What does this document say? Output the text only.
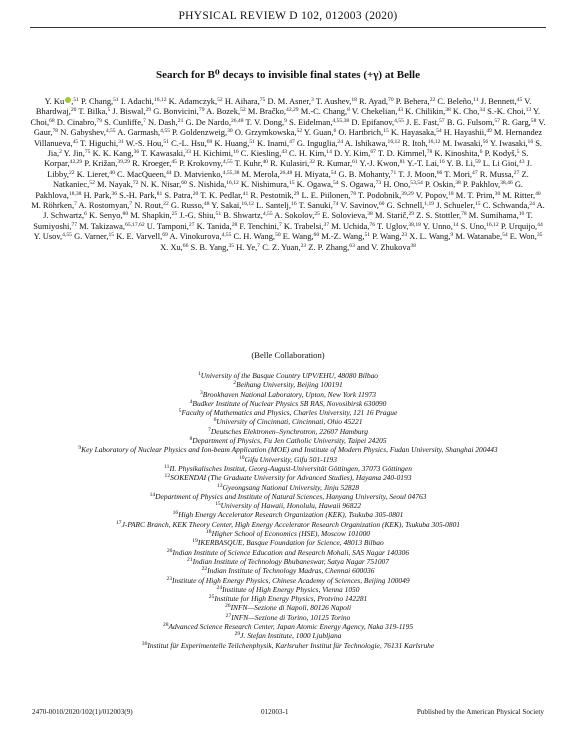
PHYSICAL REVIEW D 102, 012003 (2020)
Search for B⁰ decays to invisible final states (+γ) at Belle
Y. Ku ,$^{51}$ P. Chang,$^{51}$ I. Adachi,$^{16,12}$ K. Adamczyk,$^{52}$ H. Aihara,$^{75}$ D. M. Asner,$^3$ T. Aushev,$^{18}$ R. Ayad,$^{70}$ P. Behera,$^{22}$ C. Beleño,$^{11}$ J. Bennett,$^{45}$ V. Bhardwaj,$^{20}$ T. Bilka,$^5$ J. Biswal,$^{29}$ G. Bonvicini,$^{79}$ A. Bozek,$^{52}$ M. Bračko,$^{42,29}$ M.-C. Chang,$^8$ V. Chekelian,$^{43}$ K. Chilikin,$^{38}$ K. Cho,$^{34}$ S.-K. Choi,$^{13}$ Y. Choi,$^{68}$ D. Cinabro,$^{79}$ S. Cunliffe,$^7$ N. Dash,$^{21}$ G. De Nardo,$^{26,48}$ T. V. Dong,$^9$ S. Eidelman,$^{4,55,38}$ D. Epifanov,$^{4,55}$ J. E. Fast,$^{57}$ B. G. Fulsom,$^{57}$ R. Garg,$^{58}$ V. Gaur,$^{78}$ N. Gabyshev,$^{4,55}$ A. Garmash,$^{4,55}$ P. Goldenzweig,$^{30}$ O. Grzymkowska,$^{52}$ Y. Guan,$^6$ O. Hartbrich,$^{15}$ K. Hayasaka,$^{54}$ H. Hayashii,$^{49}$ M. Hernandez Villanueva,$^{45}$ T. Higuchi,$^{31}$ W.-S. Hou,$^{51}$ C.-L. Hsu,$^{69}$ K. Huang,$^{51}$ K. Inami,$^{47}$ G. Inguglia,$^{24}$ A. Ishikawa,$^{16,12}$ R. Itoh,$^{16,12}$ M. Iwasaki,$^{56}$ Y. Iwasaki,$^{16}$ S. Jia,$^2$ Y. Jin,$^{75}$ K. K. Kang,$^{36}$ T. Kawasaki,$^{33}$ H. Kichimi,$^{16}$ C. Kiesling,$^{43}$ C. H. Kim,$^{14}$ D. Y. Kim,$^{67}$ T. D. Kimmel,$^{78}$ K. Kinoshita,$^6$ P. Kodyš,$^5$ S. Korpar,$^{42,29}$ P. Križan,$^{39,29}$ R. Kroeger,$^{45}$ P. Krokovny,$^{4,55}$ T. Kuhr,$^{40}$ R. Kulasiri,$^{32}$ R. Kumar,$^{61}$ Y.-J. Kwon,$^{81}$ Y.-T. Lai,$^{16}$ Y. B. Li,$^{59}$ L. Li Gioi,$^{43}$ J. Libby,$^{22}$ K. Lieret,$^{40}$ C. MacQueen,$^{44}$ D. Matvienko,$^{4,55,38}$ M. Merola,$^{26,48}$ H. Miyata,$^{54}$ G. B. Mohanty,$^{71}$ T. J. Moon,$^{66}$ T. Mori,$^{47}$ R. Mussa,$^{27}$ Z. Natkaniec,$^{52}$ M. Nayak,$^{72}$ N. K. Nisar,$^{60}$ S. Nishida,$^{16,12}$ K. Nishimura,$^{15}$ K. Ogawa,$^{54}$ S. Ogawa,$^{73}$ H. Ono,$^{53,54}$ P. Oskin,$^{38}$ P. Pakhlov,$^{38,46}$ G. Pakhlova,$^{18,38}$ H. Park,$^{36}$ S.-H. Park,$^{81}$ S. Patra,$^{20}$ T. K. Pedlar,$^{41}$ R. Pestotnik,$^{29}$ L. E. Piilonen,$^{78}$ T. Podobnik,$^{39,29}$ V. Popov,$^{18}$ M. T. Prim,$^{30}$ M. Ritter,$^{40}$ M. Röhrken,$^7$ A. Rostomyan,$^7$ N. Rout,$^{22}$ G. Russo,$^{48}$ Y. Sakai,$^{16,12}$ L. Santelj,$^{16}$ T. Sanuki,$^{74}$ V. Savinov,$^{60}$ G. Schnell,$^{1,19}$ J. Schueler,$^{15}$ C. Schwanda,$^{24}$ A. J. Schwartz,$^6$ K. Senyo,$^{80}$ M. Shapkin,$^{25}$ J.-G. Shiu,$^{51}$ B. Shwartz,$^{4,55}$ A. Sokolov,$^{25}$ E. Solovieva,$^{38}$ M. Starič,$^{29}$ Z. S. Stottler,$^{78}$ M. Sumihama,$^{10}$ T. Sumiyoshi,$^{77}$ M. Takizawa,$^{65,17,62}$ U. Tamponi,$^{27}$ K. Tanida,$^{28}$ F. Tenchini,$^7$ K. Trabelsi,$^{37}$ M. Uchida,$^{76}$ T. Uglov,$^{38,18}$ Y. Unno,$^{14}$ S. Uno,$^{16,12}$ P. Urquijo,$^{44}$ Y. Usov,$^{4,55}$ G. Varner,$^{15}$ K. E. Varvell,$^{69}$ A. Vinokurova,$^{4,55}$ C. H. Wang,$^{50}$ E. Wang,$^{60}$ M.-Z. Wang,$^{51}$ P. Wang,$^{23}$ X. L. Wang,$^9$ M. Watanabe,$^{54}$ E. Won,$^{35}$ X. Xu,$^{66}$ S. B. Yang,$^{35}$ H. Ye,$^7$ C. Z. Yuan,$^{23}$ Z. P. Zhang,$^{63}$ and V. Zhukova$^{38}$
(Belle Collaboration)
$^1$University of the Basque Country UPV/EHU, 48080 Bilbao
$^2$Beihang University, Beijing 100191
$^3$Brookhaven National Laboratory, Upton, New York 11973
$^4$Budker Institute of Nuclear Physics SB RAS, Novosibirsk 630090
$^5$Faculty of Mathematics and Physics, Charles University, 121 16 Prague
$^6$University of Cincinnati, Cincinnati, Ohio 45221
$^7$Deutsches Elektronen–Synchrotron, 22607 Hamburg
$^8$Department of Physics, Fu Jen Catholic University, Taipei 24205
$^9$Key Laboratory of Nuclear Physics and Ion-beam Application (MOE) and Institute of Modern Physics, Fudan University, Shanghai 200443
$^{10}$Gifu University, Gifu 501-1193
$^{11}$II. Physikalisches Institut, Georg-August-Universität Göttingen, 37073 Göttingen
$^{12}$SOKENDAI (The Graduate University for Advanced Studies), Hayama 240-0193
$^{13}$Gyeongsang National University, Jinju 52828
$^{14}$Department of Physics and Institute of Natural Sciences, Hanyang University, Seoul 04763
$^{15}$University of Hawaii, Honolulu, Hawaii 96822
$^{16}$High Energy Accelerator Research Organization (KEK), Tsukuba 305-0801
$^{17}$J-PARC Branch, KEK Theory Center, High Energy Accelerator Research Organization (KEK), Tsukuba 305-0801
$^{18}$Higher School of Economics (HSE), Moscow 101000
$^{19}$IKERBASQUE, Basque Foundation for Science, 48013 Bilbao
$^{20}$Indian Institute of Science Education and Research Mohali, SAS Nagar 140306
$^{21}$Indian Institute of Technology Bhubaneswar, Satya Nagar 751007
$^{22}$Indian Institute of Technology Madras, Chennai 600036
$^{23}$Institute of High Energy Physics, Chinese Academy of Sciences, Beijing 100049
$^{24}$Institute of High Energy Physics, Vienna 1050
$^{25}$Institute for High Energy Physics, Protvino 142281
$^{26}$INFN—Sezione di Napoli, 80126 Napoli
$^{27}$INFN—Sezione di Torino, 10125 Torino
$^{28}$Advanced Science Research Center, Japan Atomic Energy Agency, Naka 319-1195
$^{29}$J. Stefan Institute, 1000 Ljubljana
$^{30}$Institut für Experimentelle Teilchenphysik, Karlsruher Institut für Technologie, 76131 Karlsruhe
2470-0010/2020/102(1)/012003(9)	012003-1	Published by the American Physical Society
